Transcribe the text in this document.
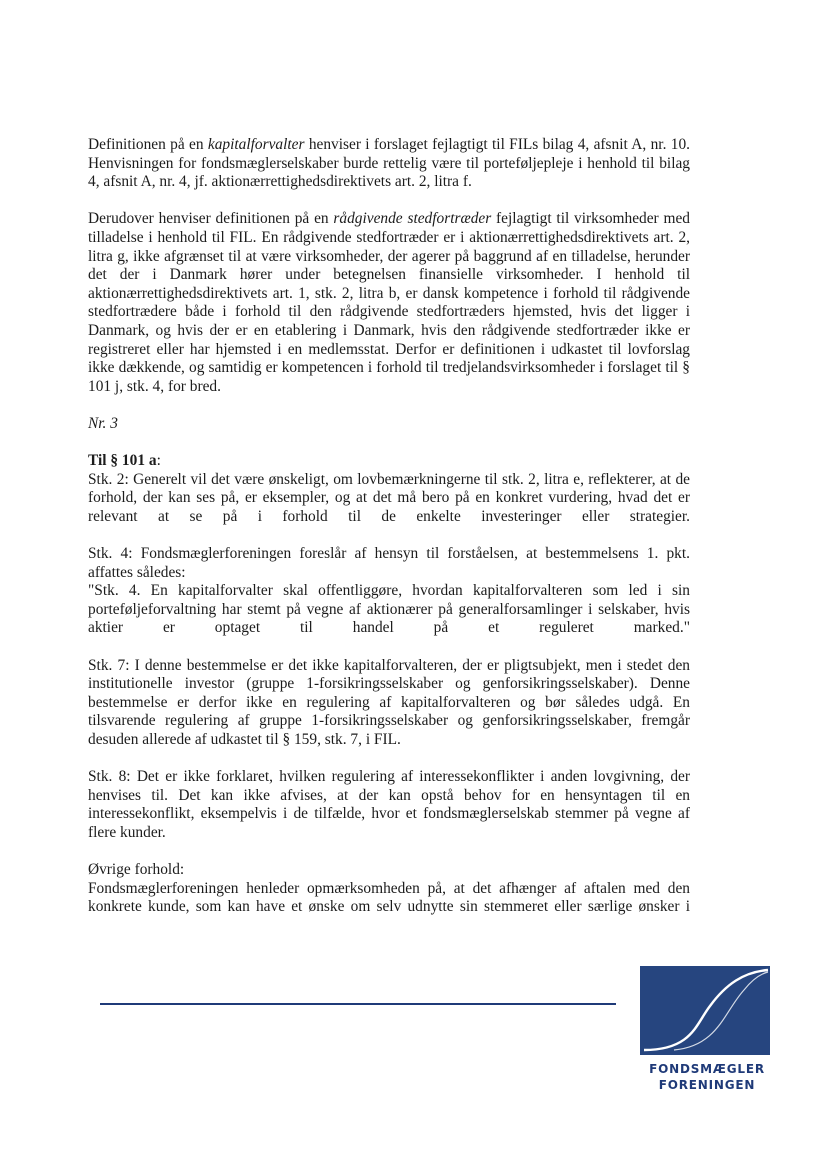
Definitionen på en kapitalforvalter henviser i forslaget fejlagtigt til FILs bilag 4, afsnit A, nr. 10. Henvisningen for fondsmæglerselskaber burde rettelig være til porteføljepleje i henhold til bilag 4, afsnit A, nr. 4, jf. aktionærrettighedsdirektivets art. 2, litra f.

Derudover henviser definitionen på en rådgivende stedfortræder fejlagtigt til virksomheder med tilladelse i henhold til FIL. En rådgivende stedfortræder er i aktionærrettighedsdirektivets art. 2, litra g, ikke afgrænset til at være virksomheder, der agerer på baggrund af en tilladelse, herunder det der i Danmark hører under betegnelsen finansielle virksomheder. I henhold til aktionærrettighedsdirektivets art. 1, stk. 2, litra b, er dansk kompetence i forhold til rådgivende stedfortrædere både i forhold til den rådgivende stedfortræders hjemsted, hvis det ligger i Danmark, og hvis der er en etablering i Danmark, hvis den rådgivende stedfortræder ikke er registreret eller har hjemsted i en medlemsstat. Derfor er definitionen i udkastet til lovforslag ikke dækkende, og samtidig er kompetencen i forhold til tredjelandsvirksomheder i forslaget til § 101 j, stk. 4, for bred.

Nr. 3

Til § 101 a:

Stk. 2: Generelt vil det være ønskeligt, om lovbemærkningerne til stk. 2, litra e, reflekterer, at de forhold, der kan ses på, er eksempler, og at det må bero på en konkret vurdering, hvad det er relevant at se på i forhold til de enkelte investeringer eller strategier.

Stk. 4: Fondsmæglerforeningen foreslår af hensyn til forståelsen, at bestemmelsens 1. pkt. affattes således:

"Stk. 4. En kapitalforvalter skal offentliggøre, hvordan kapitalforvalteren som led i sin porteføljeforvaltning har stemt på vegne af aktionærer på generalforsamlinger i selskaber, hvis aktier er optaget til handel på et reguleret marked."

Stk. 7: I denne bestemmelse er det ikke kapitalforvalteren, der er pligtsubjekt, men i stedet den institutionelle investor (gruppe 1-forsikringsselskaber og genforsikringsselskaber). Denne bestemmelse er derfor ikke en regulering af kapitalforvalteren og bør således udgå. En tilsvarende regulering af gruppe 1-forsikringsselskaber og genforsikringsselskaber, fremgår desuden allerede af udkastet til § 159, stk. 7, i FIL.

Stk. 8: Det er ikke forklaret, hvilken regulering af interessekonflikter i anden lovgivning, der henvises til. Det kan ikke afvises, at der kan opstå behov for en hensyntagen til en interessekonflikt, eksempelvis i de tilfælde, hvor et fondsmæglerselskab stemmer på vegne af flere kunder.

Øvrige forhold:

Fondsmæglerforeningen henleder opmærksomheden på, at det afhænger af aftalen med den konkrete kunde, som kan have et ønske om selv udnytte sin stemmeret eller særlige ønsker i

FONDSMÆGLER
FORENINGEN
